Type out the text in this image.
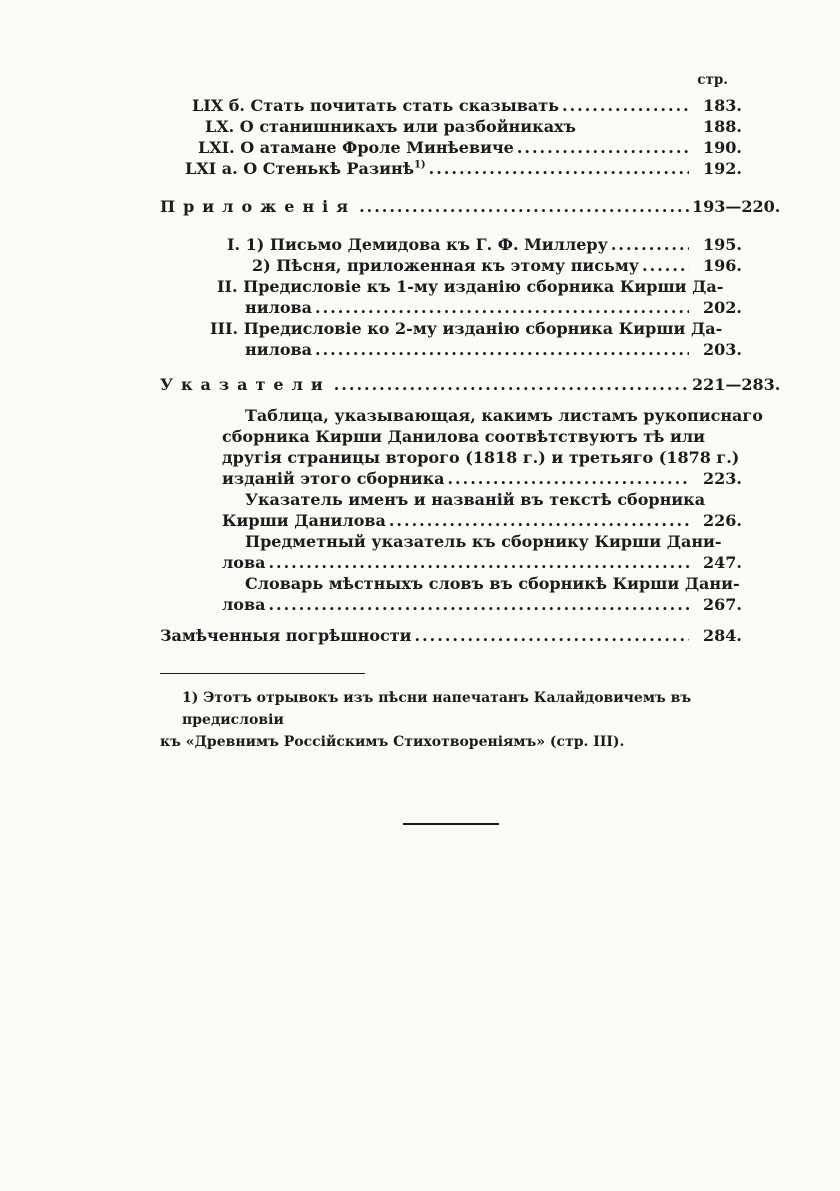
стр.
LIX б. Стать почитать стать сказывать .....	183.
LX. О станишникахъ или разбойникахъ	188.
LXI. О атамане Фроле Минѣевиче .....	190.
LXI а. О Стенькѣ Разинѣ$^{1)}$ .....	192.
Приложенія .....	193—220.
I. 1) Письмо Демидова къ Г. Ф. Миллеру .....	195.
2) Пѣсня, приложенная къ этому письму .....	196.
II. Предисловіе къ 1-му изданію сборника Кирши Да-
нилова .....	202.
III. Предисловіе ко 2-му изданію сборника Кирши Да-
нилова .....	203.
Указатели .....	221—283.
Таблица, указывающая, какимъ листамъ рукописнаго
сборника Кирши Данилова соотвѣтствуютъ тѣ или
другія страницы второго (1818 г.) и третьяго (1878 г.)
изданій этого сборника .....	223.
Указатель именъ и названій въ текстѣ сборника
Кирши Данилова .....	226.
Предметный указатель къ сборнику Кирши Дани-
лова .....	247.
Словарь мѣстныхъ словъ въ сборникѣ Кирши Дани-
лова .....	267.
Замѣченныя погрѣшности .....	284.
1) Этотъ отрывокъ изъ пѣсни напечатанъ Калайдовичемъ въ предисловіи
къ «Древнимъ Россійскимъ Стихотвореніямъ» (стр. III).
